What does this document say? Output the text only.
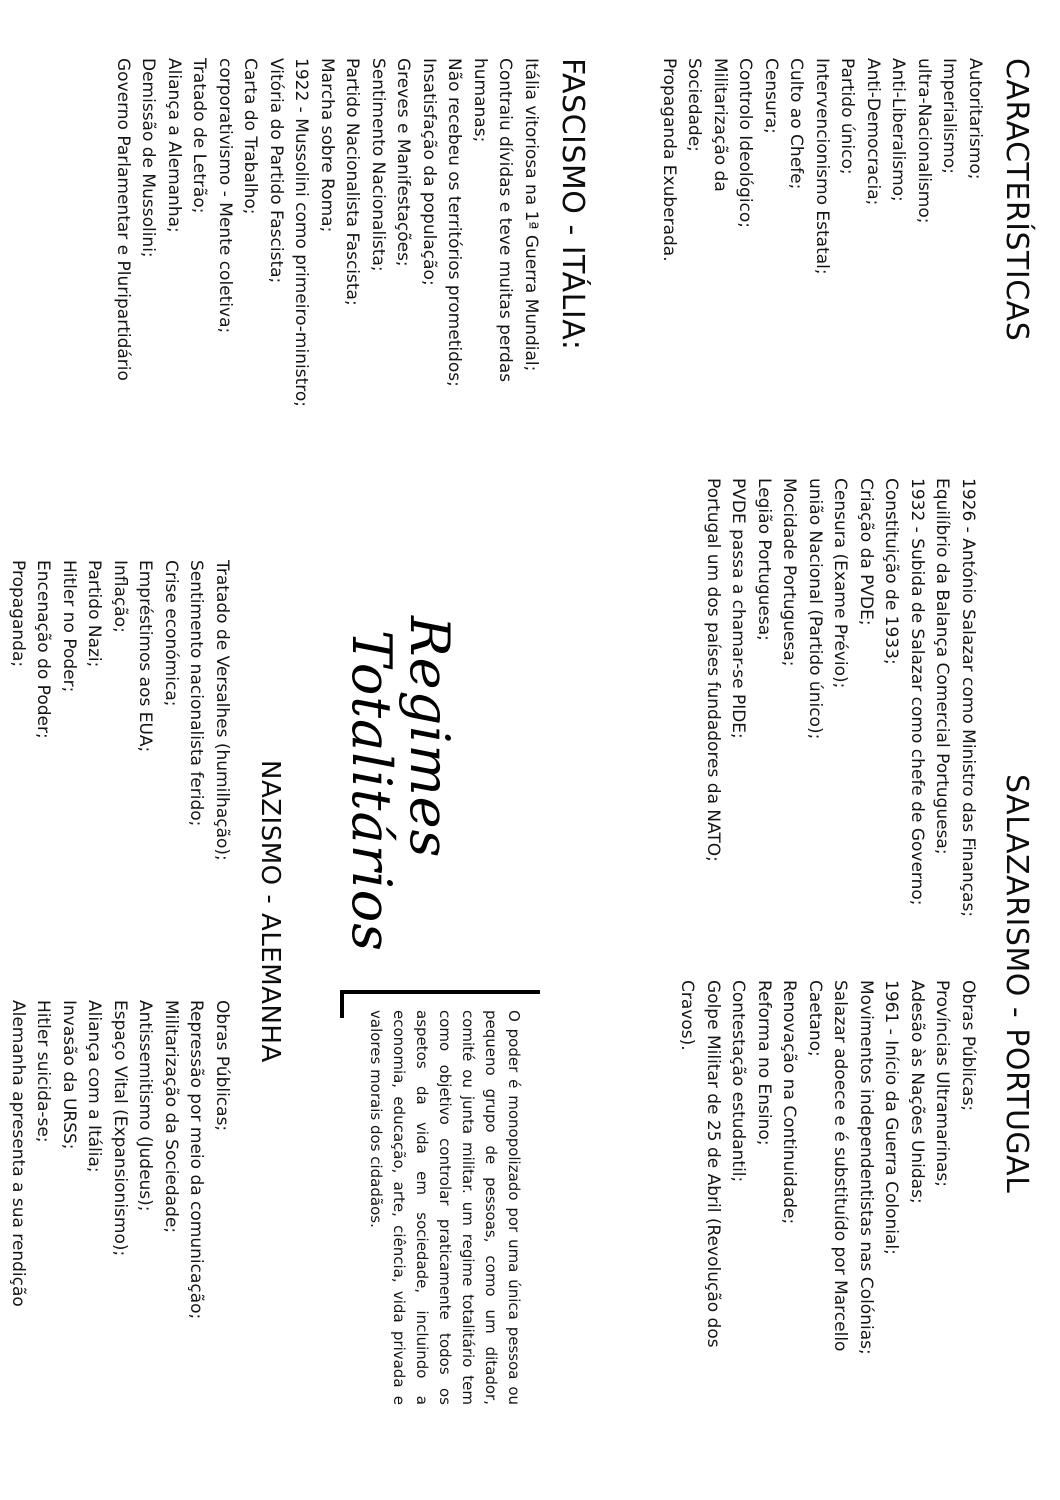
CARACTERÍSTICAS
Autoritarismo;
Imperialismo;
ultra-Nacionalismo;
Anti-Liberalismo;
Anti-Democracia;
Partido único;
Intervencionismo Estatal;
Culto ao Chefe;
Censura;
Controlo Ideológico;
Militarização da
Sociedade;
Propaganda Exuberada.
FASCISMO - ITÁLIA:
Itália vitoriosa na 1ª Guerra Mundial;
Contraiu dívidas e teve muitas perdas
humanas;
Não recebeu os territórios prometidos;
Insatisfação da população;
Greves e Manifestações;
Sentimento Nacionalista;
Partido Nacionalista Fascista;
Marcha sobre Roma;
1922 - Mussolini como primeiro-ministro;
Vitória do Partido Fascista;
Carta do Trabalho;
corporativismo - Mente coletiva;
Tratado de Letrão;
Aliança a Alemanha;
Demissão de Mussolini;
Governo Parlamentar e Pluripartidário
SALAZARISMO - PORTUGAL
1926 - António Salazar como Ministro das Finanças;
Equilíbrio da Balança Comercial Portuguesa;
1932 - Subida de Salazar como chefe de Governo;
Constituição de 1933;
Criação da PVDE;
Censura (Exame Prévio);
união Nacional (Partido único);
Mocidade Portuguesa;
Legião Portuguesa;
PVDE passa a chamar-se PIDE;
Portugal um dos países fundadores da NATO;
Obras Públicas;
Províncias Ultramarinas;
Adesão às Nações Unidas;
1961 - Início da Guerra Colonial;
Movimentos independentistas nas Colónias;
Salazar adoece e é substituído por Marcello
Caetano;
Renovação na Continuidade;
Reforma no Ensino;
Contestação estudantil;
Golpe Militar de 25 de Abril (Revolução dos
Cravos).
Regimes
Totalitários
NAZISMO - ALEMANHA
Tratado de Versalhes (humilhação);
Sentimento nacionalista ferido;
Crise económica;
Empréstimos aos EUA;
Inflação;
Partido Nazi;
Hitler no Poder;
Encenação do Poder;
Propaganda;
Obras Públicas;
Repressão por meio da comunicação;
Militarização da Sociedade;
Antissemitismo (Judeus);
Espaço Vital (Expansionismo);
Aliança com a Itália;
Invasão da URSS;
Hitler suicida-se;
Alemanha apresenta a sua rendição	O poder é monopolizado por uma única pessoa ou pequeno grupo de pessoas, como um ditador, comité ou junta militar. um regime totalitário tem como objetivo controlar praticamente todos os aspetos da vida em sociedade, incluindo a economia, educação, arte, ciência, vida privada e valores morais dos cidadãos.
